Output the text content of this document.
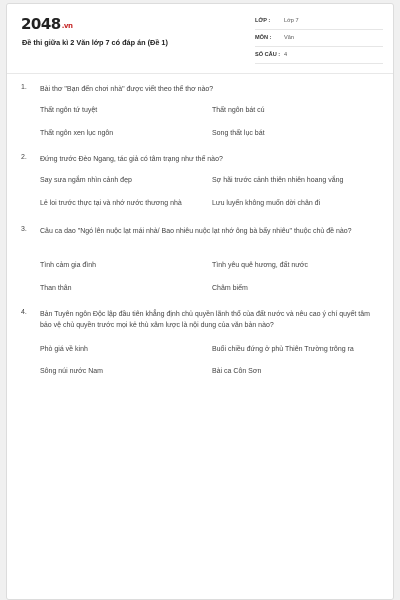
2048.vn
Đề thi giữa kì 2 Văn lớp 7 có đáp án (Đề 1)
LỚP : Lớp 7
MÔN : Văn
SỐ CÂU : 4
1. Bài thơ "Bạn đến chơi nhà" được viết theo thể thơ nào?
Thất ngôn tứ tuyệt	Thất ngôn bát cú
Thất ngôn xen lục ngôn	Song thất lục bát
2. Đứng trước Đèo Ngang, tác giả có tâm trạng như thế nào?
Say sưa ngắm nhìn cảnh đẹp	Sợ hãi trước cảnh thiên nhiên hoang vắng
Lẻ loi trước thực tại và nhớ nước thương nhà	Lưu luyến không muốn dời chân đi
3. Câu ca dao "Ngó lên nuộc lạt mái nhà/ Bao nhiêu nuộc lạt nhớ ông bà bấy nhiêu" thuộc chủ đề nào?
Tình cảm gia đình	Tình yêu quê hương, đất nước
Than thân	Châm biếm
4. Bản Tuyên ngôn Độc lập đầu tiên khẳng định chủ quyền lãnh thổ của đất nước và nêu cao ý chí quyết tâm bảo vệ chủ quyền trước mọi kẻ thù xâm lược là nội dung của văn bản nào?
Phò giá về kinh	Buổi chiều đứng ở phủ Thiên Trường trông ra
Sông núi nước Nam	Bài ca Côn Sơn
